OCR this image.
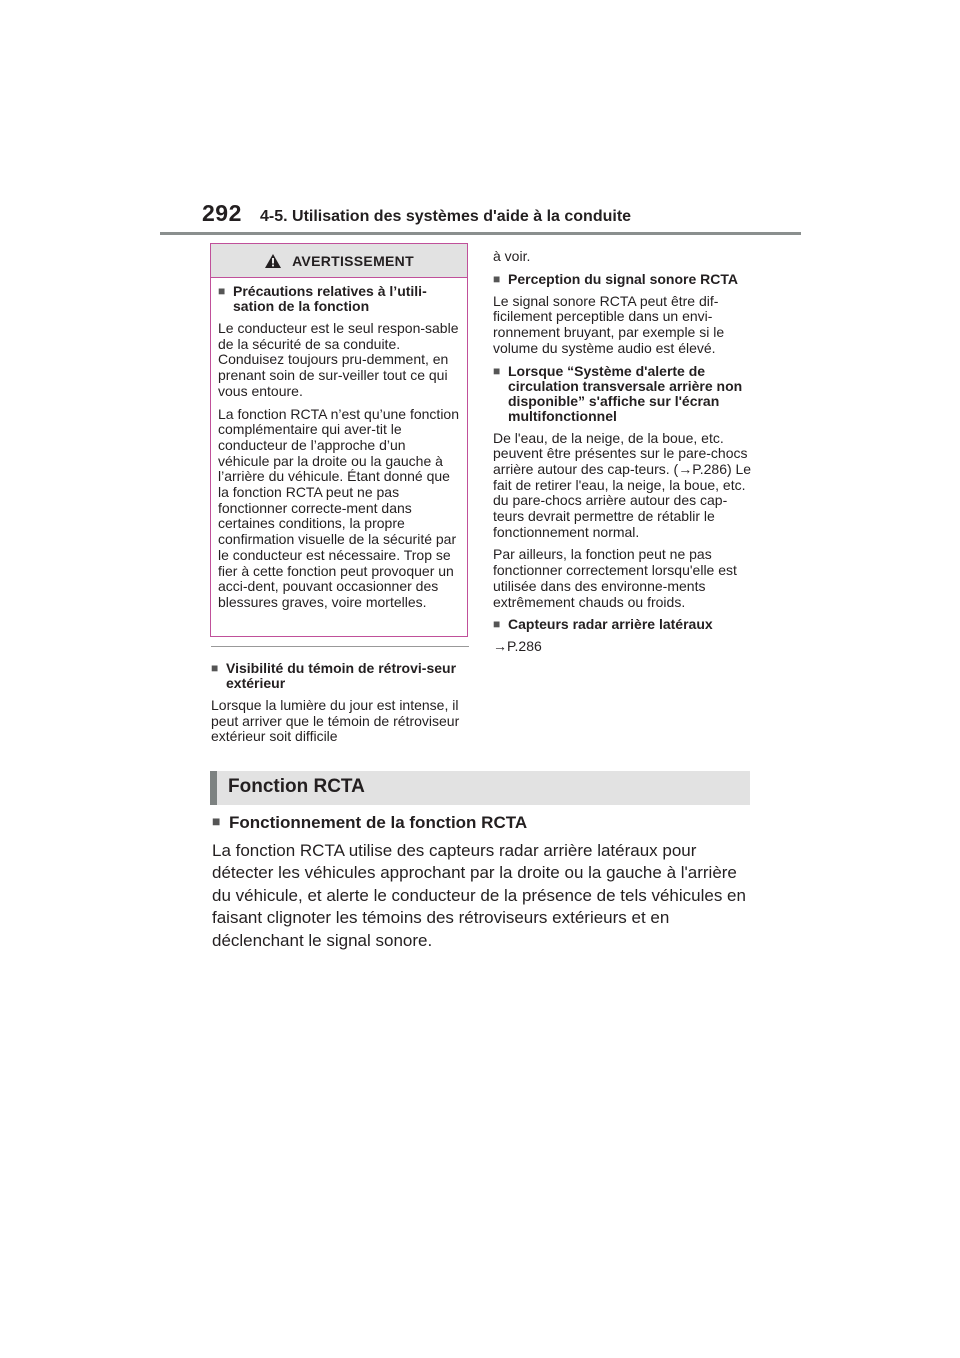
292 4-5. Utilisation des systèmes d'aide à la conduite
AVERTISSEMENT
■ Précautions relatives à l’utili-sation de la fonction
Le conducteur est le seul respon-sable de la sécurité de sa conduite. Conduisez toujours pru-demment, en prenant soin de sur-veiller tout ce qui vous entoure.
La fonction RCTA n’est qu’une fonction complémentaire qui aver-tit le conducteur de l’approche d’un véhicule par la droite ou la gauche à l’arrière du véhicule. Étant donné que la fonction RCTA peut ne pas fonctionner correcte-ment dans certaines conditions, la propre confirmation visuelle de la sécurité par le conducteur est nécessaire. Trop se fier à cette fonction peut provoquer un acci-dent, pouvant occasionner des blessures graves, voire mortelles.
■ Visibilité du témoin de rétrovi-seur extérieur
Lorsque la lumière du jour est intense, il peut arriver que le témoin de rétroviseur extérieur soit difficile
à voir.
■ Perception du signal sonore RCTA
Le signal sonore RCTA peut être dif-ficilement perceptible dans un envi-ronnement bruyant, par exemple si le volume du système audio est élevé.
■ Lorsque “Système d'alerte de circulation transversale arrière non disponible” s'affiche sur l'écran multifonctionnel
De l'eau, de la neige, de la boue, etc. peuvent être présentes sur le pare-chocs arrière autour des cap-teurs. (→P.286) Le fait de retirer l'eau, la neige, la boue, etc. du pare-chocs arrière autour des cap-teurs devrait permettre de rétablir le fonctionnement normal.
Par ailleurs, la fonction peut ne pas fonctionner correctement lorsqu'elle est utilisée dans des environne-ments extrêmement chauds ou froids.
■ Capteurs radar arrière latéraux
→P.286
Fonction RCTA
■ Fonctionnement de la fonction RCTA
La fonction RCTA utilise des capteurs radar arrière latéraux pour détecter les véhicules approchant par la droite ou la gauche à l'arrière du véhicule, et alerte le conducteur de la présence de tels véhicules en faisant clignoter les témoins des rétroviseurs extérieurs et en déclenchant le signal sonore.
